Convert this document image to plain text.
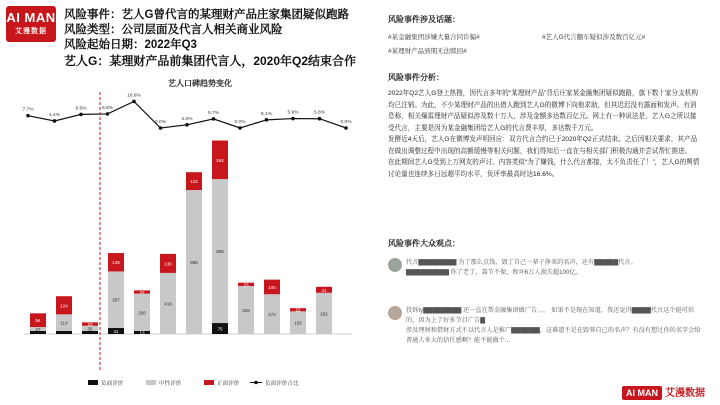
AI MAN
艾漫数据
风险事件：艺人G曾代言的某理财产品庄家集团疑似跑路
风险类型：公司层面及代言人相关商业风险
风险起始日期：2022年Q3
艺人G：某理财产品前集团代言人，2020年Q2结束合作
艺人口碑趋势变化
27
94	114
124
36
23
41
387
126
13
256
22
418
130	985
122
75
985
264
328
23
272
100
155
22
282
41
7.7%
4.4%
8.5%	8.8%
16.6%
0.0%
2.0%
5.7%
0.0%
5.1%	5.9%	5.8%
0.0%
负面评价	中性评价	正面评价	负面评价占比
风险事件涉及话题：
#某金融集团涉嫌大量合同诈骗#	#艺人G代言翻车疑似涉及数百亿元#
#某理财产品到期无法赎回#
风险事件分析：

2022年Q2艺人G登上热搜，因代言多年的“某理财产品”背后庄家某金融集团疑似跑路，旗下数十家分支机构均已注销。为此，不少某理财产品的出借人跑到艺人G的微博下向他求助，但其迟迟没有露面和发声。有消息称，相关爆雷理财产品疑似涉及数十万人，涉及金额多达数百亿元。网上有一种说法是，艺人G之所以接受代言，主要是因为某金融集团给艺人G的代言费丰厚，多达数千万元。

发酵近4天后，艺人G在微博发声明回应：双方代言合约已于2020年Q2正式结束。之后因相关要求，其产品在做出调整过程中出现的高额缓慢等相关问题，我们得知后一直在与相关部门积极沟通并尝试帮忙推进。

在此期间艺人G受到上万网友的声讨，内容类似“为了赚钱，什么代言都接，太不负责任了！”，艺人G的舆情讨论量也连续多日远超平均水平，负评率最高时达16.6%。

风险事件大众观点：
代言▇▇▇▇▇▇▇▇ 为了那么点钱，毁了自己一辈子挣来的名声，还有▇▇▇▇▇代言。
▇▇▇▇▇▇▇▇▇ 你了老了，靠节不保，败坏6万人损失超100亿。
投诉ty▇▇▇▇▇▇▇▇ 还一直在帮金融集团做广告。。。 如果不是现在知道，我还觉得▇▇▇▇代言这个挺可信的，因为上了好多节目广告▇
涉及理财和借财方式不以代言人是推广▇▇▇▇▇▇。这难道不是在毁辱自己的名声？有没有想过你的名字会给普通人多大的信任感啊？能不能做个...
AI MAN 艾漫数据
